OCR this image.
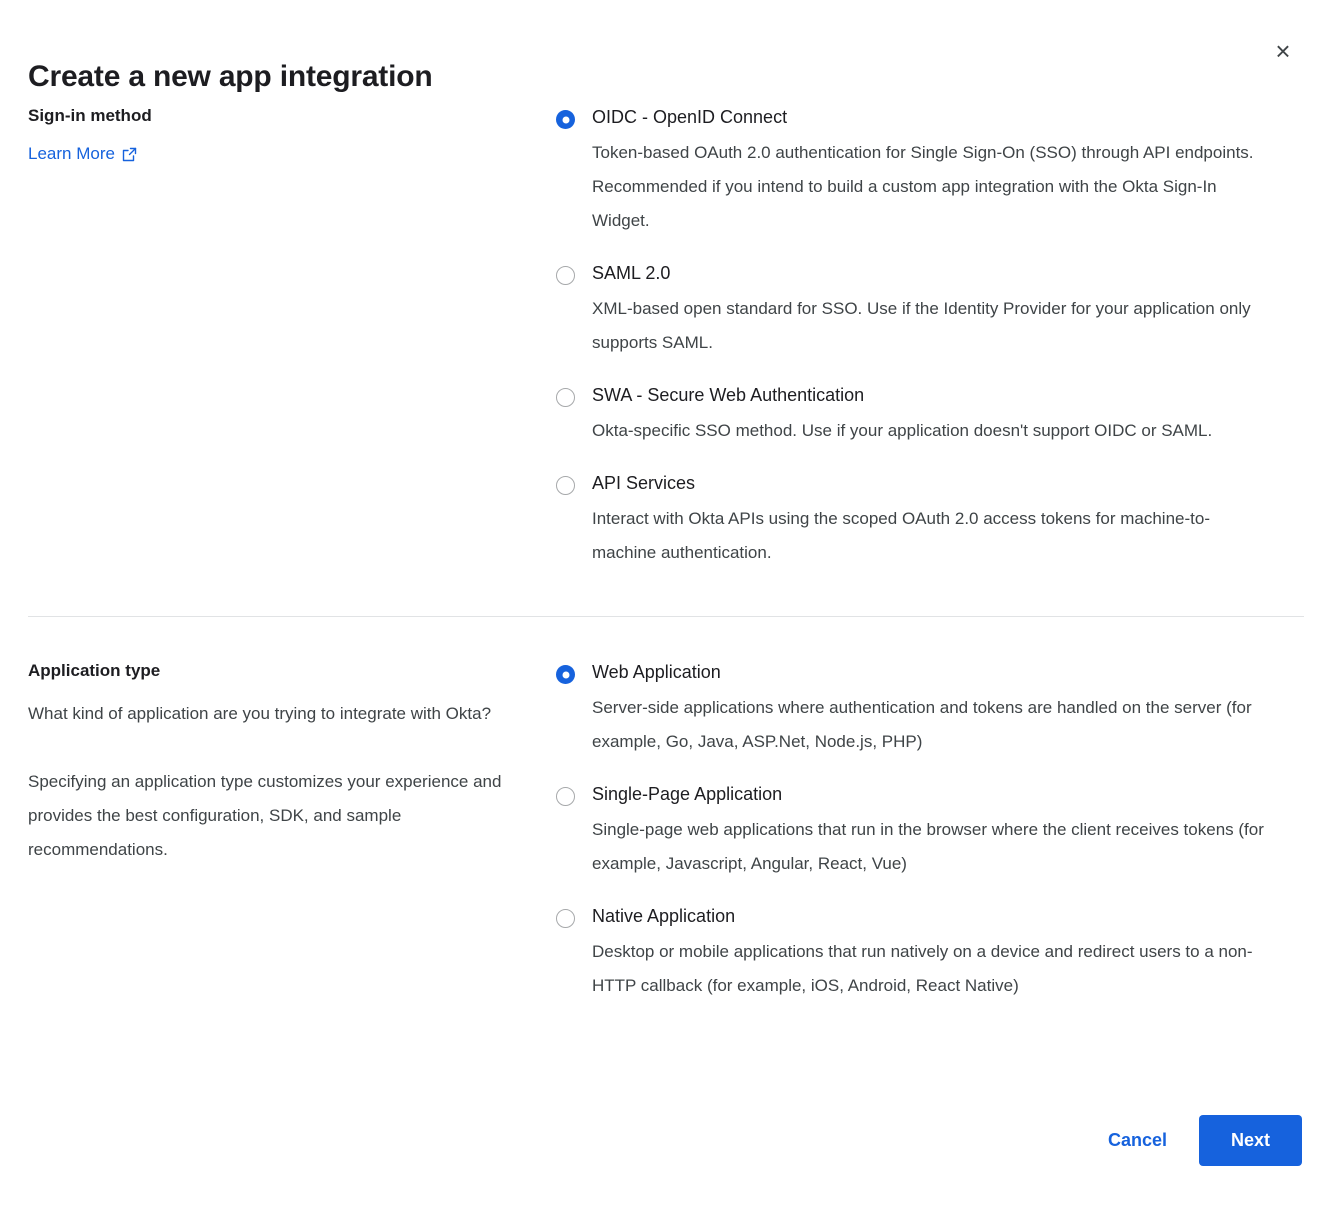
×
Create a new app integration
Sign-in method
Learn More
OIDC - OpenID Connect

Token-based OAuth 2.0 authentication for Single Sign-On (SSO) through API endpoints. Recommended if you intend to build a custom app integration with the Okta Sign-In Widget.

SAML 2.0

XML-based open standard for SSO. Use if the Identity Provider for your application only supports SAML.

SWA - Secure Web Authentication

Okta-specific SSO method. Use if your application doesn't support OIDC or SAML.

API Services

Interact with Okta APIs using the scoped OAuth 2.0 access tokens for machine-to-machine authentication.

Application type

What kind of application are you trying to integrate with Okta?

Specifying an application type customizes your experience and provides the best configuration, SDK, and sample recommendations.

Web Application

Server-side applications where authentication and tokens are handled on the server (for example, Go, Java, ASP.Net, Node.js, PHP)

Single-Page Application

Single-page web applications that run in the browser where the client receives tokens (for example, Javascript, Angular, React, Vue)

Native Application

Desktop or mobile applications that run natively on a device and redirect users to a non-HTTP callback (for example, iOS, Android, React Native)

Cancel	Next
